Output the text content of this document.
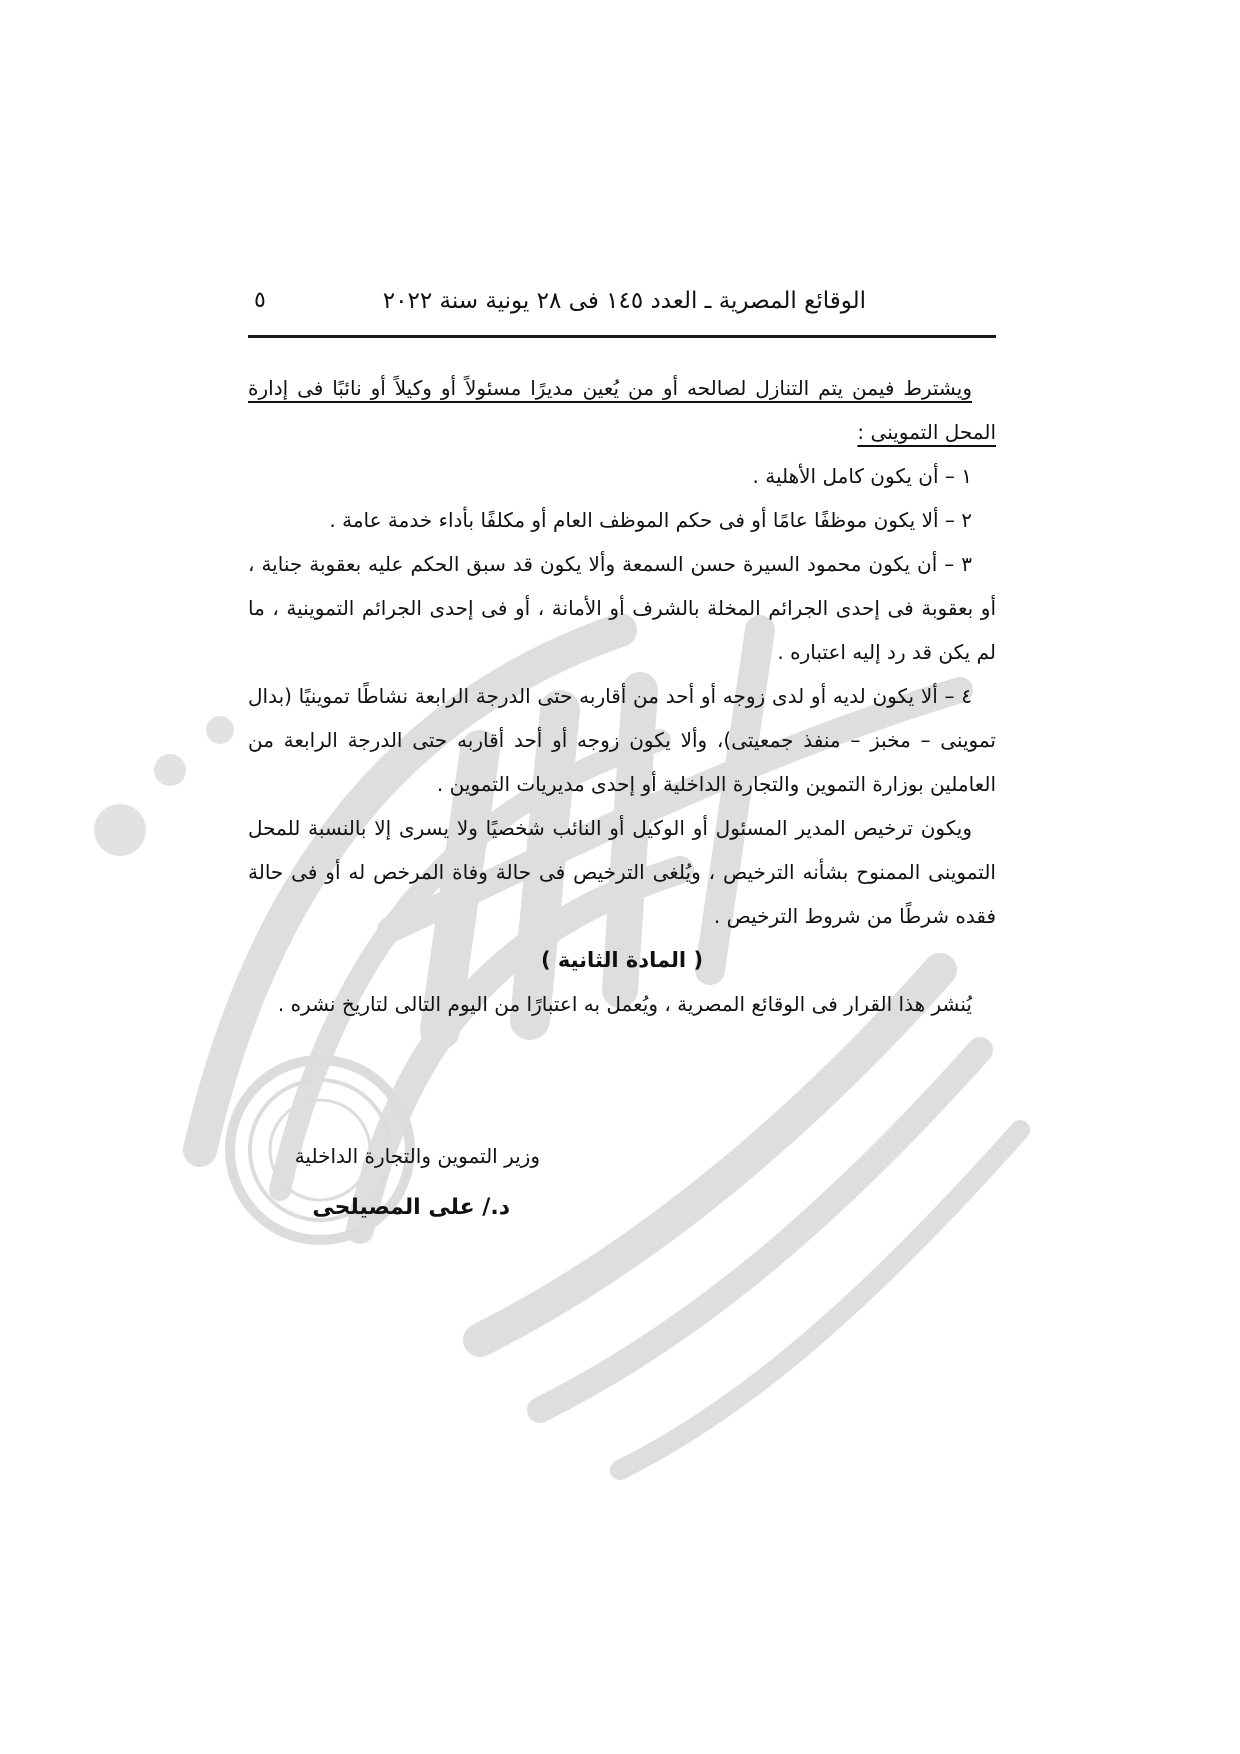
الوقائع المصرية ـ العدد ١٤٥ فى ٢٨ يونية سنة ٢٠٢٢
٥

ويشترط فيمن يتم التنازل لصالحه أو من يُعين مديرًا مسئولاً أو وكيلاً أو نائبًا فى إدارة المحل التموينى :

١ – أن يكون كامل الأهلية .

٢ – ألا يكون موظفًا عامًا أو فى حكم الموظف العام أو مكلفًا بأداء خدمة عامة .

٣ – أن يكون محمود السيرة حسن السمعة وألا يكون قد سبق الحكم عليه بعقوبة جناية ، أو بعقوبة فى إحدى الجرائم المخلة بالشرف أو الأمانة ، أو فى إحدى الجرائم التموينية ، ما لم يكن قد رد إليه اعتباره .

٤ – ألا يكون لديه أو لدى زوجه أو أحد من أقاربه حتى الدرجة الرابعة نشاطًا تموينيًا (بدال تموينى – مخبز – منفذ جمعيتى)، وألا يكون زوجه أو أحد أقاربه حتى الدرجة الرابعة من العاملين بوزارة التموين والتجارة الداخلية أو إحدى مديريات التموين .

ويكون ترخيص المدير المسئول أو الوكيل أو النائب شخصيًا ولا يسرى إلا بالنسبة للمحل التموينى الممنوح بشأنه الترخيص ، ويُلغى الترخيص فى حالة وفاة المرخص له أو فى حالة فقده شرطًا من شروط الترخيص .

( المادة الثانية )

يُنشر هذا القرار فى الوقائع المصرية ، ويُعمل به اعتبارًا من اليوم التالى لتاريخ نشره .

وزير التموين والتجارة الداخلية
د./ على المصيلحى
